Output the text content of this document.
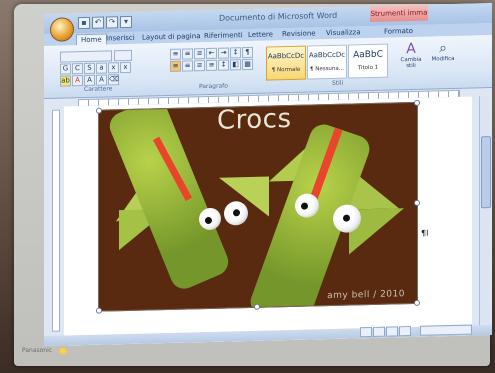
▪ ↶ ↷	▾	Documento di Microsoft Word	Strumenti imma
Home Inserisci Layout di pagina Riferimenti Lettere Revisione Visualizza	Formato
G C	S	a	x	x
ab A	A	A ⌫
Carattere
≡ ≡ ≡ ⇤ ⇥ ↕ ¶
≡ ≡ ≡ ≡ ↕ ◧ ▦
Paragrafo
AaBbCcDc
¶ Normale
AaBbCcDc
¶ Nessuna...
AaBbC
Titolo 1
Stili
A
Cambia stili
⌕
Modifica
Crocs
amy bell / 2010
¶I
Panasonic
